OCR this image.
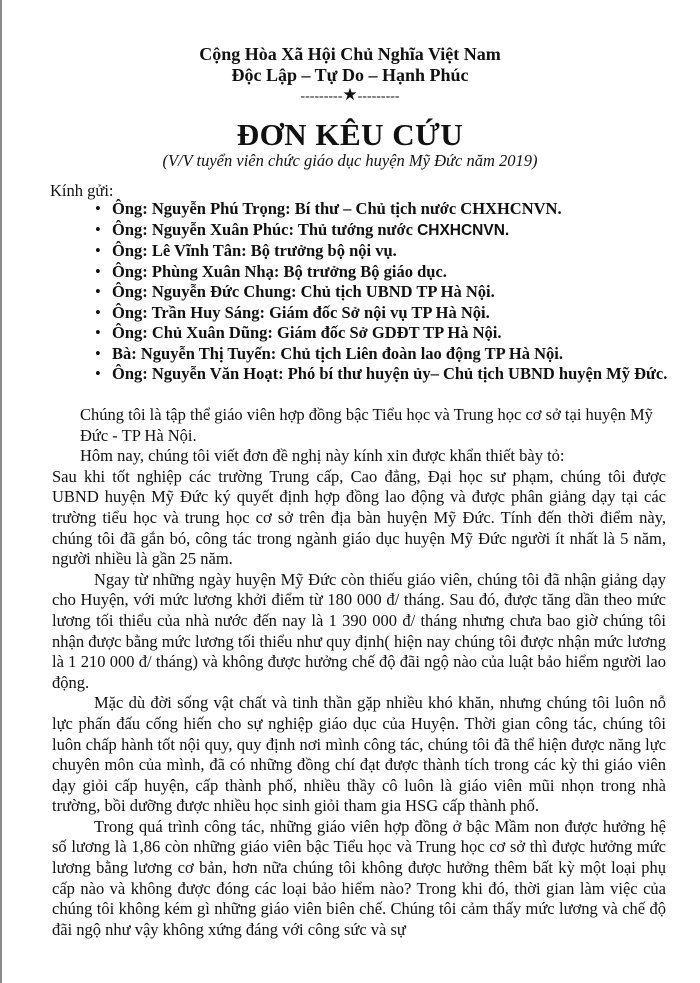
Cộng Hòa Xã Hội Chủ Nghĩa Việt Nam

Độc Lập – Tự Do – Hạnh Phúc

---------★---------

ĐƠN KÊU CỨU

(V/V tuyển viên chức giáo dục huyện Mỹ Đức năm 2019)

Kính gửi:

• Ông: Nguyễn Phú Trọng: Bí thư – Chủ tịch nước CHXHCNVN.
• Ông: Nguyễn Xuân Phúc: Thủ tướng nước CHXHCNVN.
• Ông: Lê Vĩnh Tân: Bộ trưởng bộ nội vụ.
• Ông: Phùng Xuân Nhạ: Bộ trưởng Bộ giáo dục.
• Ông: Nguyễn Đức Chung: Chủ tịch UBND TP Hà Nội.
• Ông: Trần Huy Sáng: Giám đốc Sở nội vụ TP Hà Nội.
• Ông: Chủ Xuân Dũng: Giám đốc Sở GDĐT TP Hà Nội.
• Bà: Nguyễn Thị Tuyến: Chủ tịch Liên đoàn lao động TP Hà Nội.
• Ông: Nguyễn Văn Hoạt: Phó bí thư huyện ủy– Chủ tịch UBND huyện Mỹ Đức.

Chúng tôi là tập thể giáo viên hợp đồng bậc Tiểu học và Trung học cơ sở tại huyện Mỹ Đức - TP Hà Nội.

Hôm nay, chúng tôi viết đơn đề nghị này kính xin được khẩn thiết bày tỏ:

Sau khi tốt nghiệp các trường Trung cấp, Cao đẳng, Đại học sư phạm, chúng tôi được UBND huyện Mỹ Đức ký quyết định hợp đồng lao động và được phân giảng dạy tại các trường tiểu học và trung học cơ sở trên địa bàn huyện Mỹ Đức. Tính đến thời điểm này, chúng tôi đã gắn bó, công tác trong ngành giáo dục huyện Mỹ Đức người ít nhất là 5 năm, người nhiều là gần 25 năm.

Ngay từ những ngày huyện Mỹ Đức còn thiếu giáo viên, chúng tôi đã nhận giảng dạy cho Huyện, với mức lương khởi điểm từ 180 000 đ/ tháng. Sau đó, được tăng dần theo mức lương tối thiểu của nhà nước đến nay là 1 390 000 đ/ tháng nhưng chưa bao giờ chúng tôi nhận được bằng mức lương tối thiểu như quy định( hiện nay chúng tôi được nhận mức lương là 1 210 000 đ/ tháng) và không được hưởng chế độ đãi ngộ nào của luật bảo hiểm người lao động.

Mặc dù đời sống vật chất và tinh thần gặp nhiều khó khăn, nhưng chúng tôi luôn nỗ lực phấn đấu cống hiến cho sự nghiệp giáo dục của Huyện. Thời gian công tác, chúng tôi luôn chấp hành tốt nội quy, quy định nơi mình công tác, chúng tôi đã thể hiện được năng lực chuyên môn của mình, đã có những đồng chí đạt được thành tích trong các kỳ thi giáo viên dạy giỏi cấp huyện, cấp thành phố, nhiều thầy cô luôn là giáo viên mũi nhọn trong nhà trường, bồi dưỡng được nhiều học sinh giỏi tham gia HSG cấp thành phố.

Trong quá trình công tác, những giáo viên hợp đồng ở bậc Mầm non được hưởng hệ số lương là 1,86 còn những giáo viên bậc Tiểu học và Trung học cơ sở thì được hưởng mức lương bằng lương cơ bản, hơn nữa chúng tôi không được hưởng thêm bất kỳ một loại phụ cấp nào và không được đóng các loại bảo hiểm nào? Trong khi đó, thời gian làm việc của chúng tôi không kém gì những giáo viên biên chế. Chúng tôi cảm thấy mức lương và chế độ đãi ngộ như vậy không xứng đáng với công sức và sự
